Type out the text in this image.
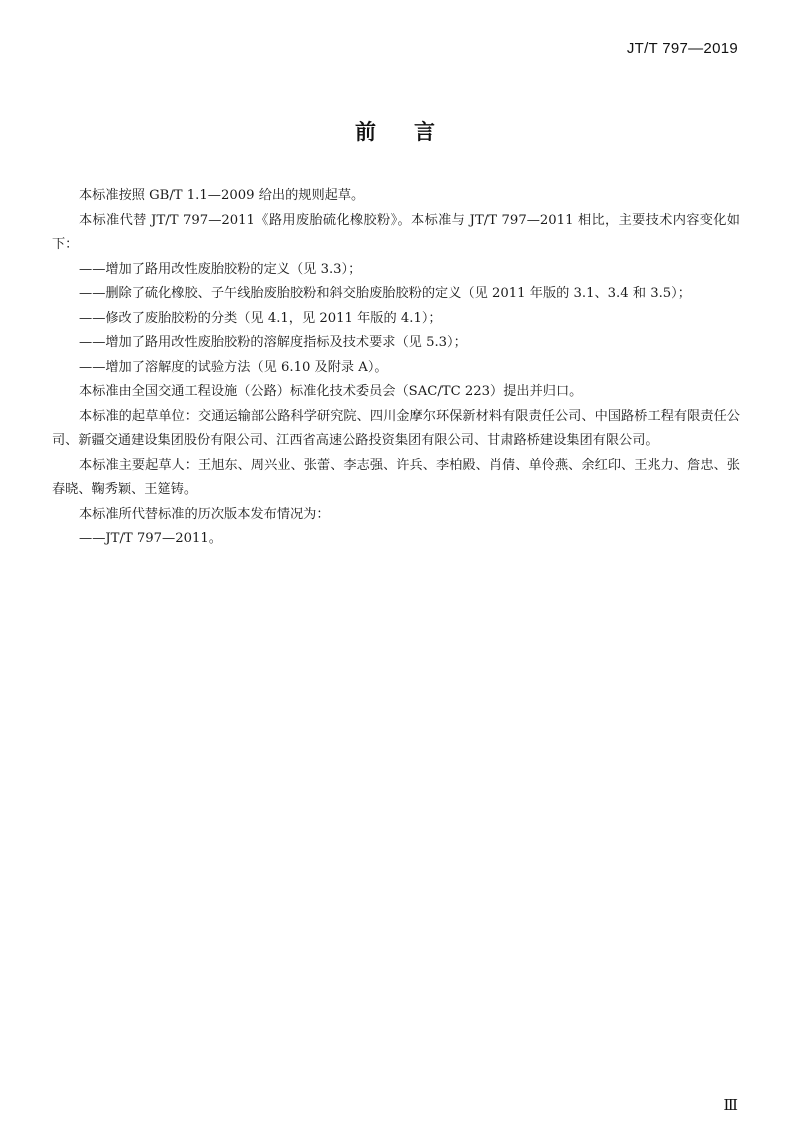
JT/T 797—2019
前言

本标准按照 GB/T 1.1—2009 给出的规则起草。

本标准代替 JT/T 797—2011《路用废胎硫化橡胶粉》。本标准与 JT/T 797—2011 相比，主要技术内容变化如下：

——增加了路用改性废胎胶粉的定义（见 3.3）；

——删除了硫化橡胶、子午线胎废胎胶粉和斜交胎废胎胶粉的定义（见 2011 年版的 3.1、3.4 和 3.5）；

——修改了废胎胶粉的分类（见 4.1，见 2011 年版的 4.1）；

——增加了路用改性废胎胶粉的溶解度指标及技术要求（见 5.3）；

——增加了溶解度的试验方法（见 6.10 及附录 A）。

本标准由全国交通工程设施（公路）标准化技术委员会（SAC/TC 223）提出并归口。

本标准的起草单位：交通运输部公路科学研究院、四川金摩尔环保新材料有限责任公司、中国路桥工程有限责任公司、新疆交通建设集团股份有限公司、江西省高速公路投资集团有限公司、甘肃路桥建设集团有限公司。

本标准主要起草人：王旭东、周兴业、张蕾、李志强、许兵、李柏殿、肖倩、单伶燕、余红印、王兆力、詹忠、张春晓、鞠秀颖、王筵铸。

本标准所代替标准的历次版本发布情况为：

——JT/T 797—2011。

Ⅲ
